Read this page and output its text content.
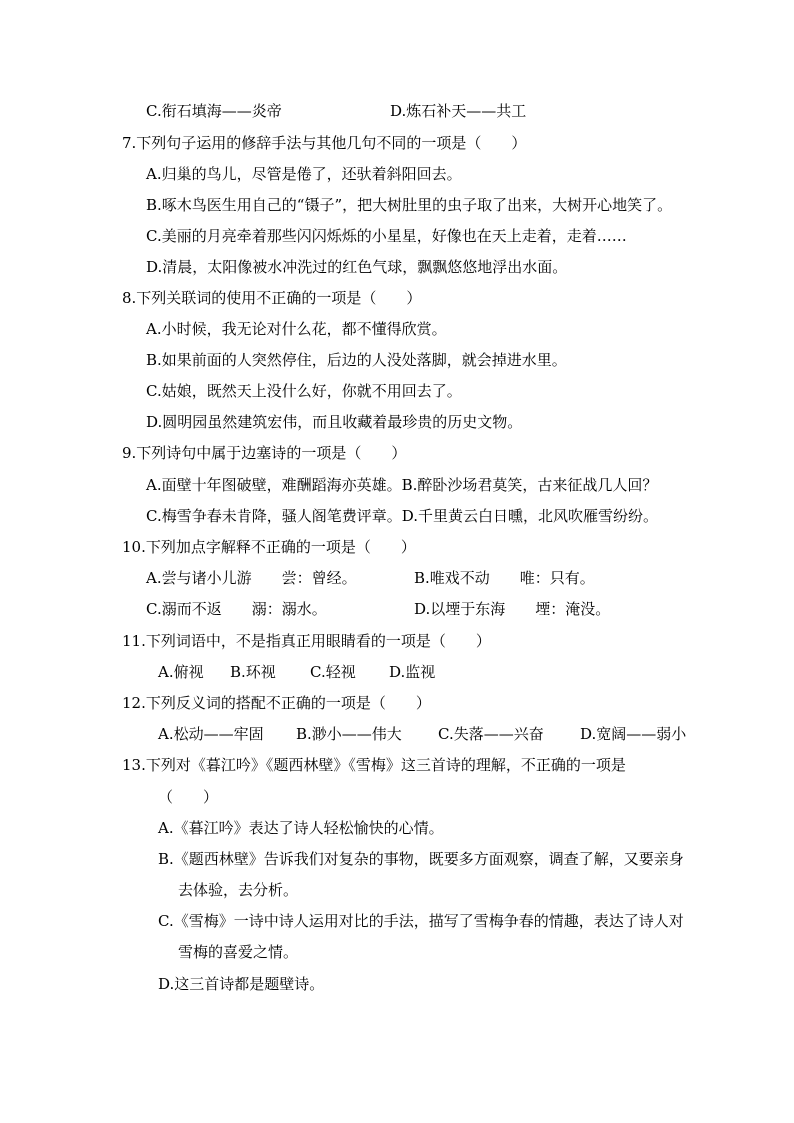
C.衔石填海——炎帝	D.炼石补天——共工
7.下列句子运用的修辞手法与其他几句不同的一项是（　　）
A.归巢的鸟儿，尽管是倦了，还驮着斜阳回去。
B.啄木鸟医生用自己的“镊子”，把大树肚里的虫子取了出来，大树开心地笑了。
C.美丽的月亮牵着那些闪闪烁烁的小星星，好像也在天上走着，走着……
D.清晨，太阳像被水冲洗过的红色气球，飘飘悠悠地浮出水面。
8.下列关联词的使用不正确的一项是（　　）
A.小时候，我无论对什么花，都不懂得欣赏。
B.如果前面的人突然停住，后边的人没处落脚，就会掉进水里。
C.姑娘，既然天上没什么好，你就不用回去了。
D.圆明园虽然建筑宏伟，而且收藏着最珍贵的历史文物。
9.下列诗句中属于边塞诗的一项是（　　）
A.面壁十年图破壁，难酬蹈海亦英雄。B.醉卧沙场君莫笑，古来征战几人回？
C.梅雪争春未肯降，骚人阁笔费评章。D.千里黄云白日曛，北风吹雁雪纷纷。
10.下列加点字解释不正确的一项是（　　）
A.尝与诸小儿游　　尝：曾经。	B.唯戏不动　　唯：只有。
C.溺而不返　　溺：溺水。	D.以堙于东海　　堙：淹没。
11.下列词语中，不是指真正用眼睛看的一项是（　　）
A.俯视 B.环视 C.轻视 D.监视
12.下列反义词的搭配不正确的一项是（　　）
A.松动——牢固 B.渺小——伟大 C.失落——兴奋 D.宽阔——弱小
13.下列对《暮江吟》《题西林壁》《雪梅》这三首诗的理解，不正确的一项是
（　　）
A.《暮江吟》表达了诗人轻松愉快的心情。
B.《题西林壁》告诉我们对复杂的事物，既要多方面观察，调查了解，又要亲身
去体验，去分析。
C.《雪梅》一诗中诗人运用对比的手法，描写了雪梅争春的情趣，表达了诗人对
雪梅的喜爱之情。
D.这三首诗都是题壁诗。
